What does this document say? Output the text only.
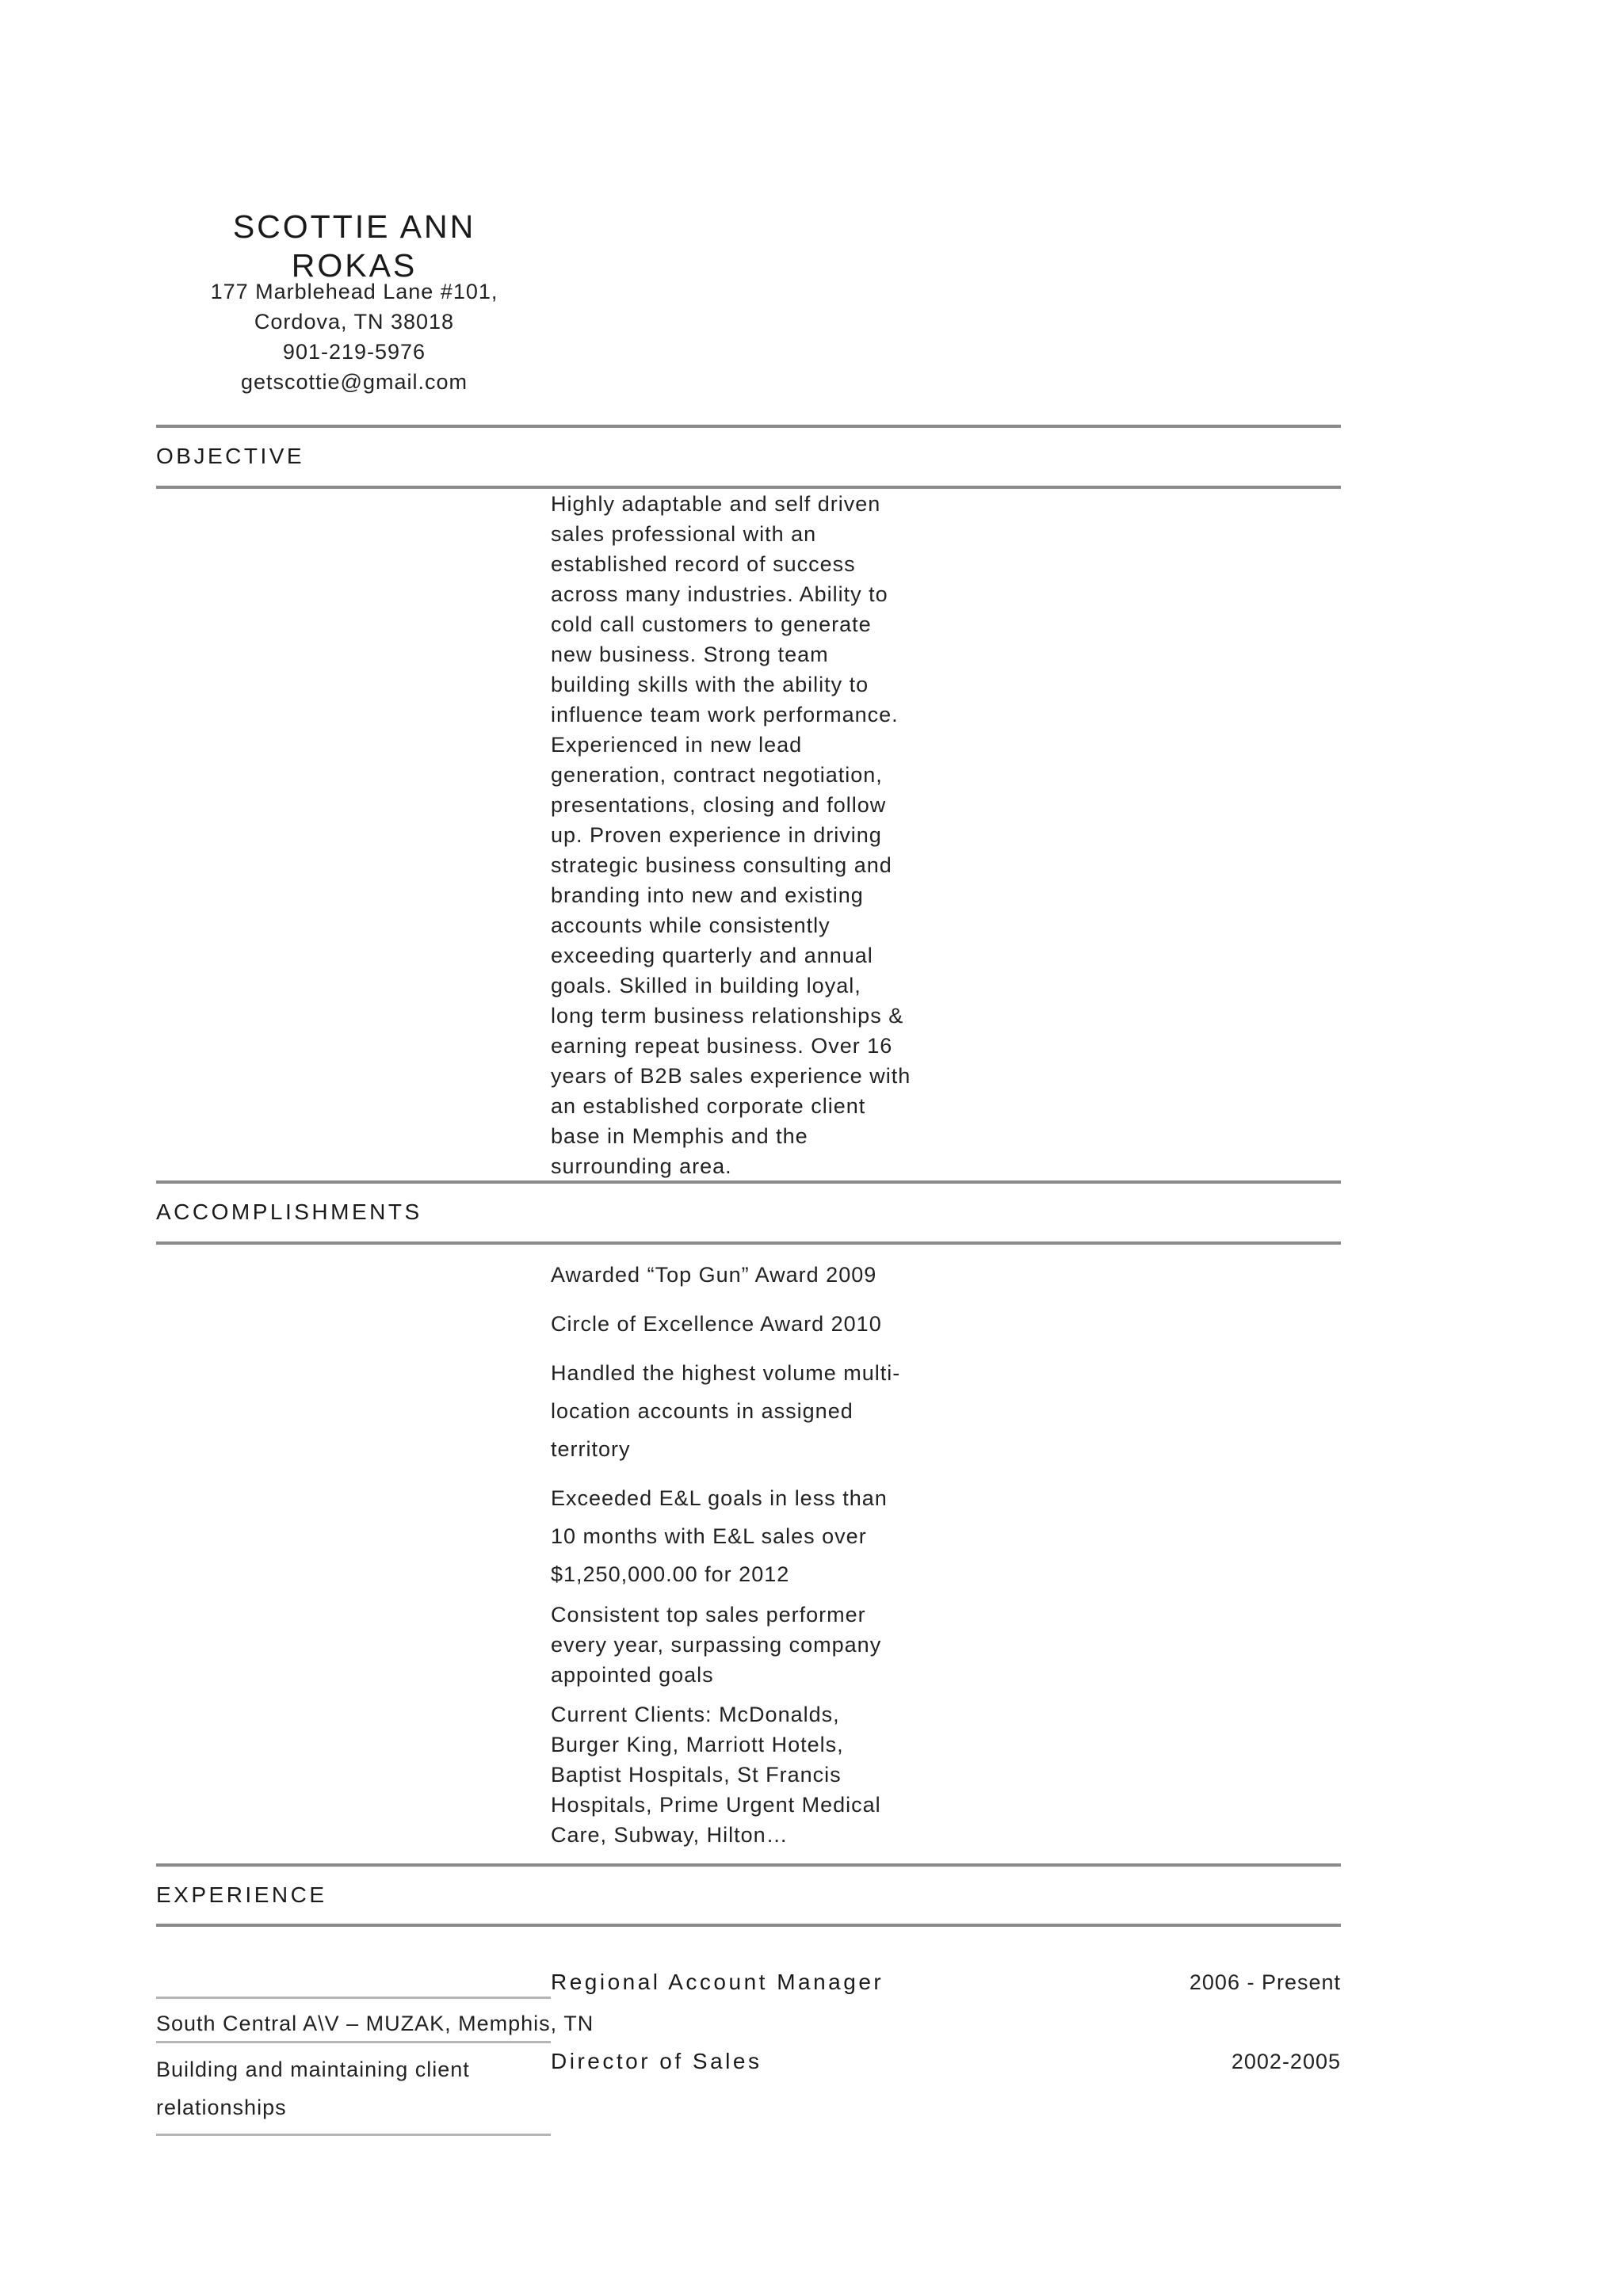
SCOTTIE ANN
ROKAS
177 Marblehead Lane #101,
Cordova, TN 38018
901-219-5976
getscottie@gmail.com
OBJECTIVE
Highly adaptable and self driven
sales professional with an
established record of success
across many industries. Ability to
cold call customers to generate
new business. Strong team
building skills with the ability to
influence team work performance.
Experienced in new lead
generation, contract negotiation,
presentations, closing and follow
up. Proven experience in driving
strategic business consulting and
branding into new and existing
accounts while consistently
exceeding quarterly and annual
goals. Skilled in building loyal,
long term business relationships &
earning repeat business. Over 16
years of B2B sales experience with
an established corporate client
base in Memphis and the
surrounding area.
ACCOMPLISHMENTS
Awarded “Top Gun” Award 2009
Circle of Excellence Award 2010
Handled the highest volume multi-
location accounts in assigned
territory
Exceeded E&L goals in less than
10 months with E&L sales over
$1,250,000.00 for 2012
Consistent top sales performer
every year, surpassing company
appointed goals
Current Clients: McDonalds,
Burger King, Marriott Hotels,
Baptist Hospitals, St Francis
Hospitals, Prime Urgent Medical
Care, Subway, Hilton…
EXPERIENCE
Regional Account Manager	2006 - Present
South Central A\V – MUZAK, Memphis, TN
Building and maintaining client
relationships
Director of Sales	2002-2005
